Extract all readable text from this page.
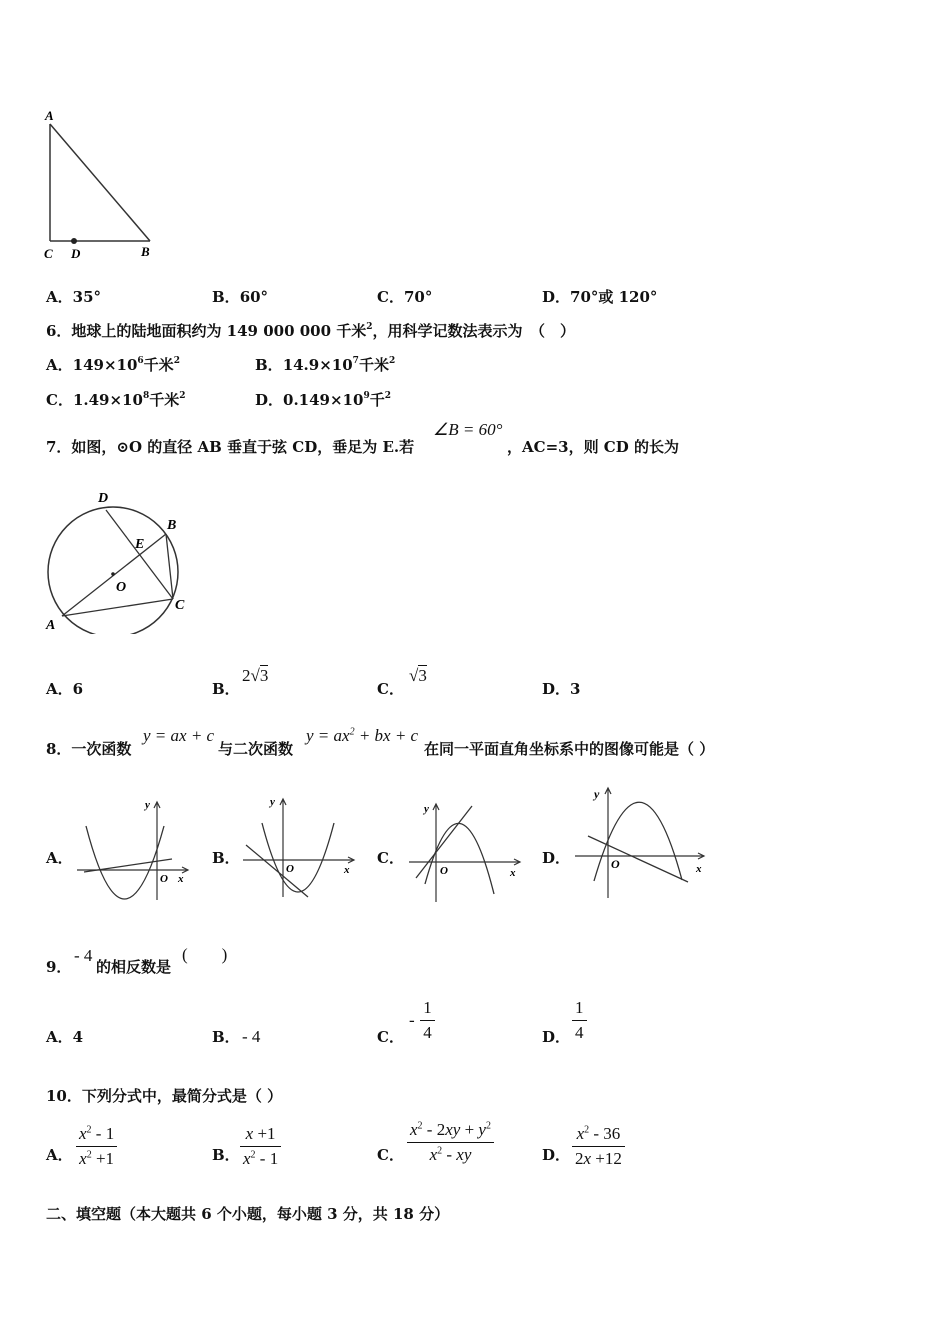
A
C D	B
A．35°	B．60°	C．70°	D．70°或 120°
6．地球上的陆地面积约为 149 000 000 千米$^2$，用科学记数法表示为　（　）
A．$149\times 10^6$千米$^2$	B．$14.9\times 10^7$千米$^2$
C．$1.49\times 10^8$千米$^2$	D．$0.149\times 10^9$千$^2$
7．如图，⊙O 的直径 AB 垂直于弦 CD，垂足为 E.若
∠B = 60°
，AC=3，则 CD 的长为
D
B
E
O
C
A
A．6	B．
2√3
C．
√3
D．3
8．一次函数
y = ax + c
与二次函数
$y = ax^2$ + bx + c
在同一平面直角坐标系中的图像可能是（ ）
A．
y
O x
B．
y
O	x
C．
y
O	x
D．
y
O	x
9．
- 4
的相反数是
(　　)
A．4	B． - 4	C．
- $\frac{1}{4}$	D． $\frac{1}{4}$
10．下列分式中，最简分式是（ ）
A． $\frac{x^2 - 1}{x^2 +1}$	B． $\frac{x +1}{x^2 - 1}$	C． $\frac{x^2 - 2xy + y^2}{x^2 - xy}$	D． $\frac{x^2 - 36}{2x +12}$
二、填空题（本大题共 6 个小题，每小题 3 分，共 18 分）
